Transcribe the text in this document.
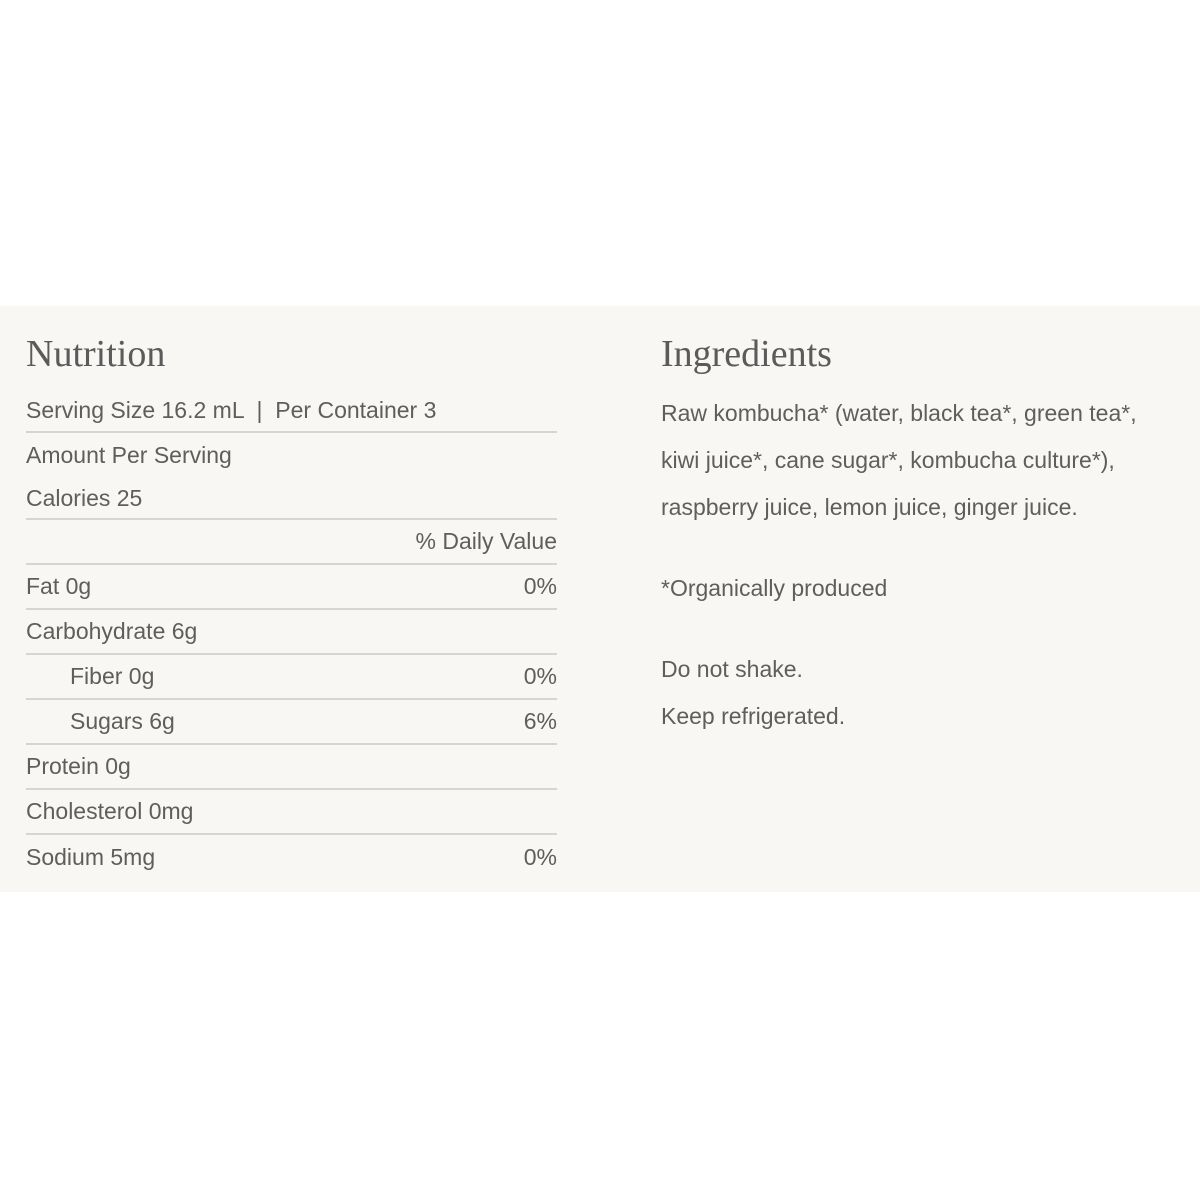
Nutrition
Serving Size 16.2 mL  |  Per Container 3
Amount Per Serving
Calories 25
% Daily Value
Fat 0g	0%
Carbohydrate 6g
Fiber 0g	0%
Sugars 6g	6%
Protein 0g
Cholesterol 0mg
Sodium 5mg	0%
Ingredients

Raw kombucha* (water, black tea*, green tea*,

kiwi juice*, cane sugar*, kombucha culture*),

raspberry juice, lemon juice, ginger juice.

*Organically produced

Do not shake.

Keep refrigerated.
